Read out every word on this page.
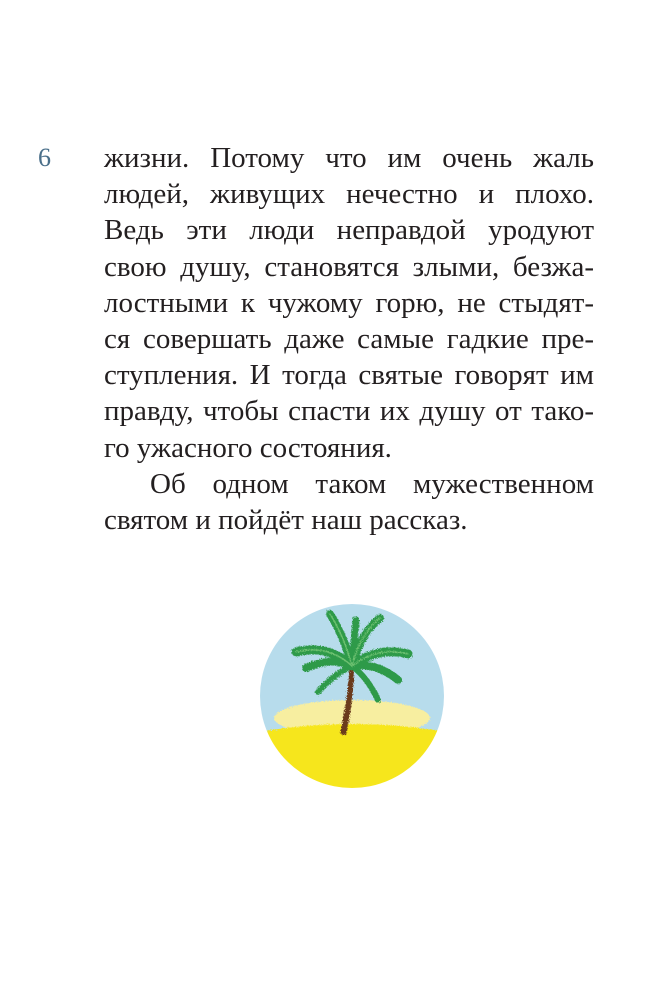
6 жизни. Потому что им очень жаль
людей, живущих нечестно и плохо.
Ведь эти люди неправдой уродуют
свою душу, становятся злыми, безжа-
лостными к чужому горю, не стыдят-
ся совершать даже самые гадкие пре-
ступления. И тогда святые говорят им
правду, чтобы спасти их душу от тако-
го ужасного состояния.
Об одном таком мужественном
святом и пойдёт наш рассказ.
